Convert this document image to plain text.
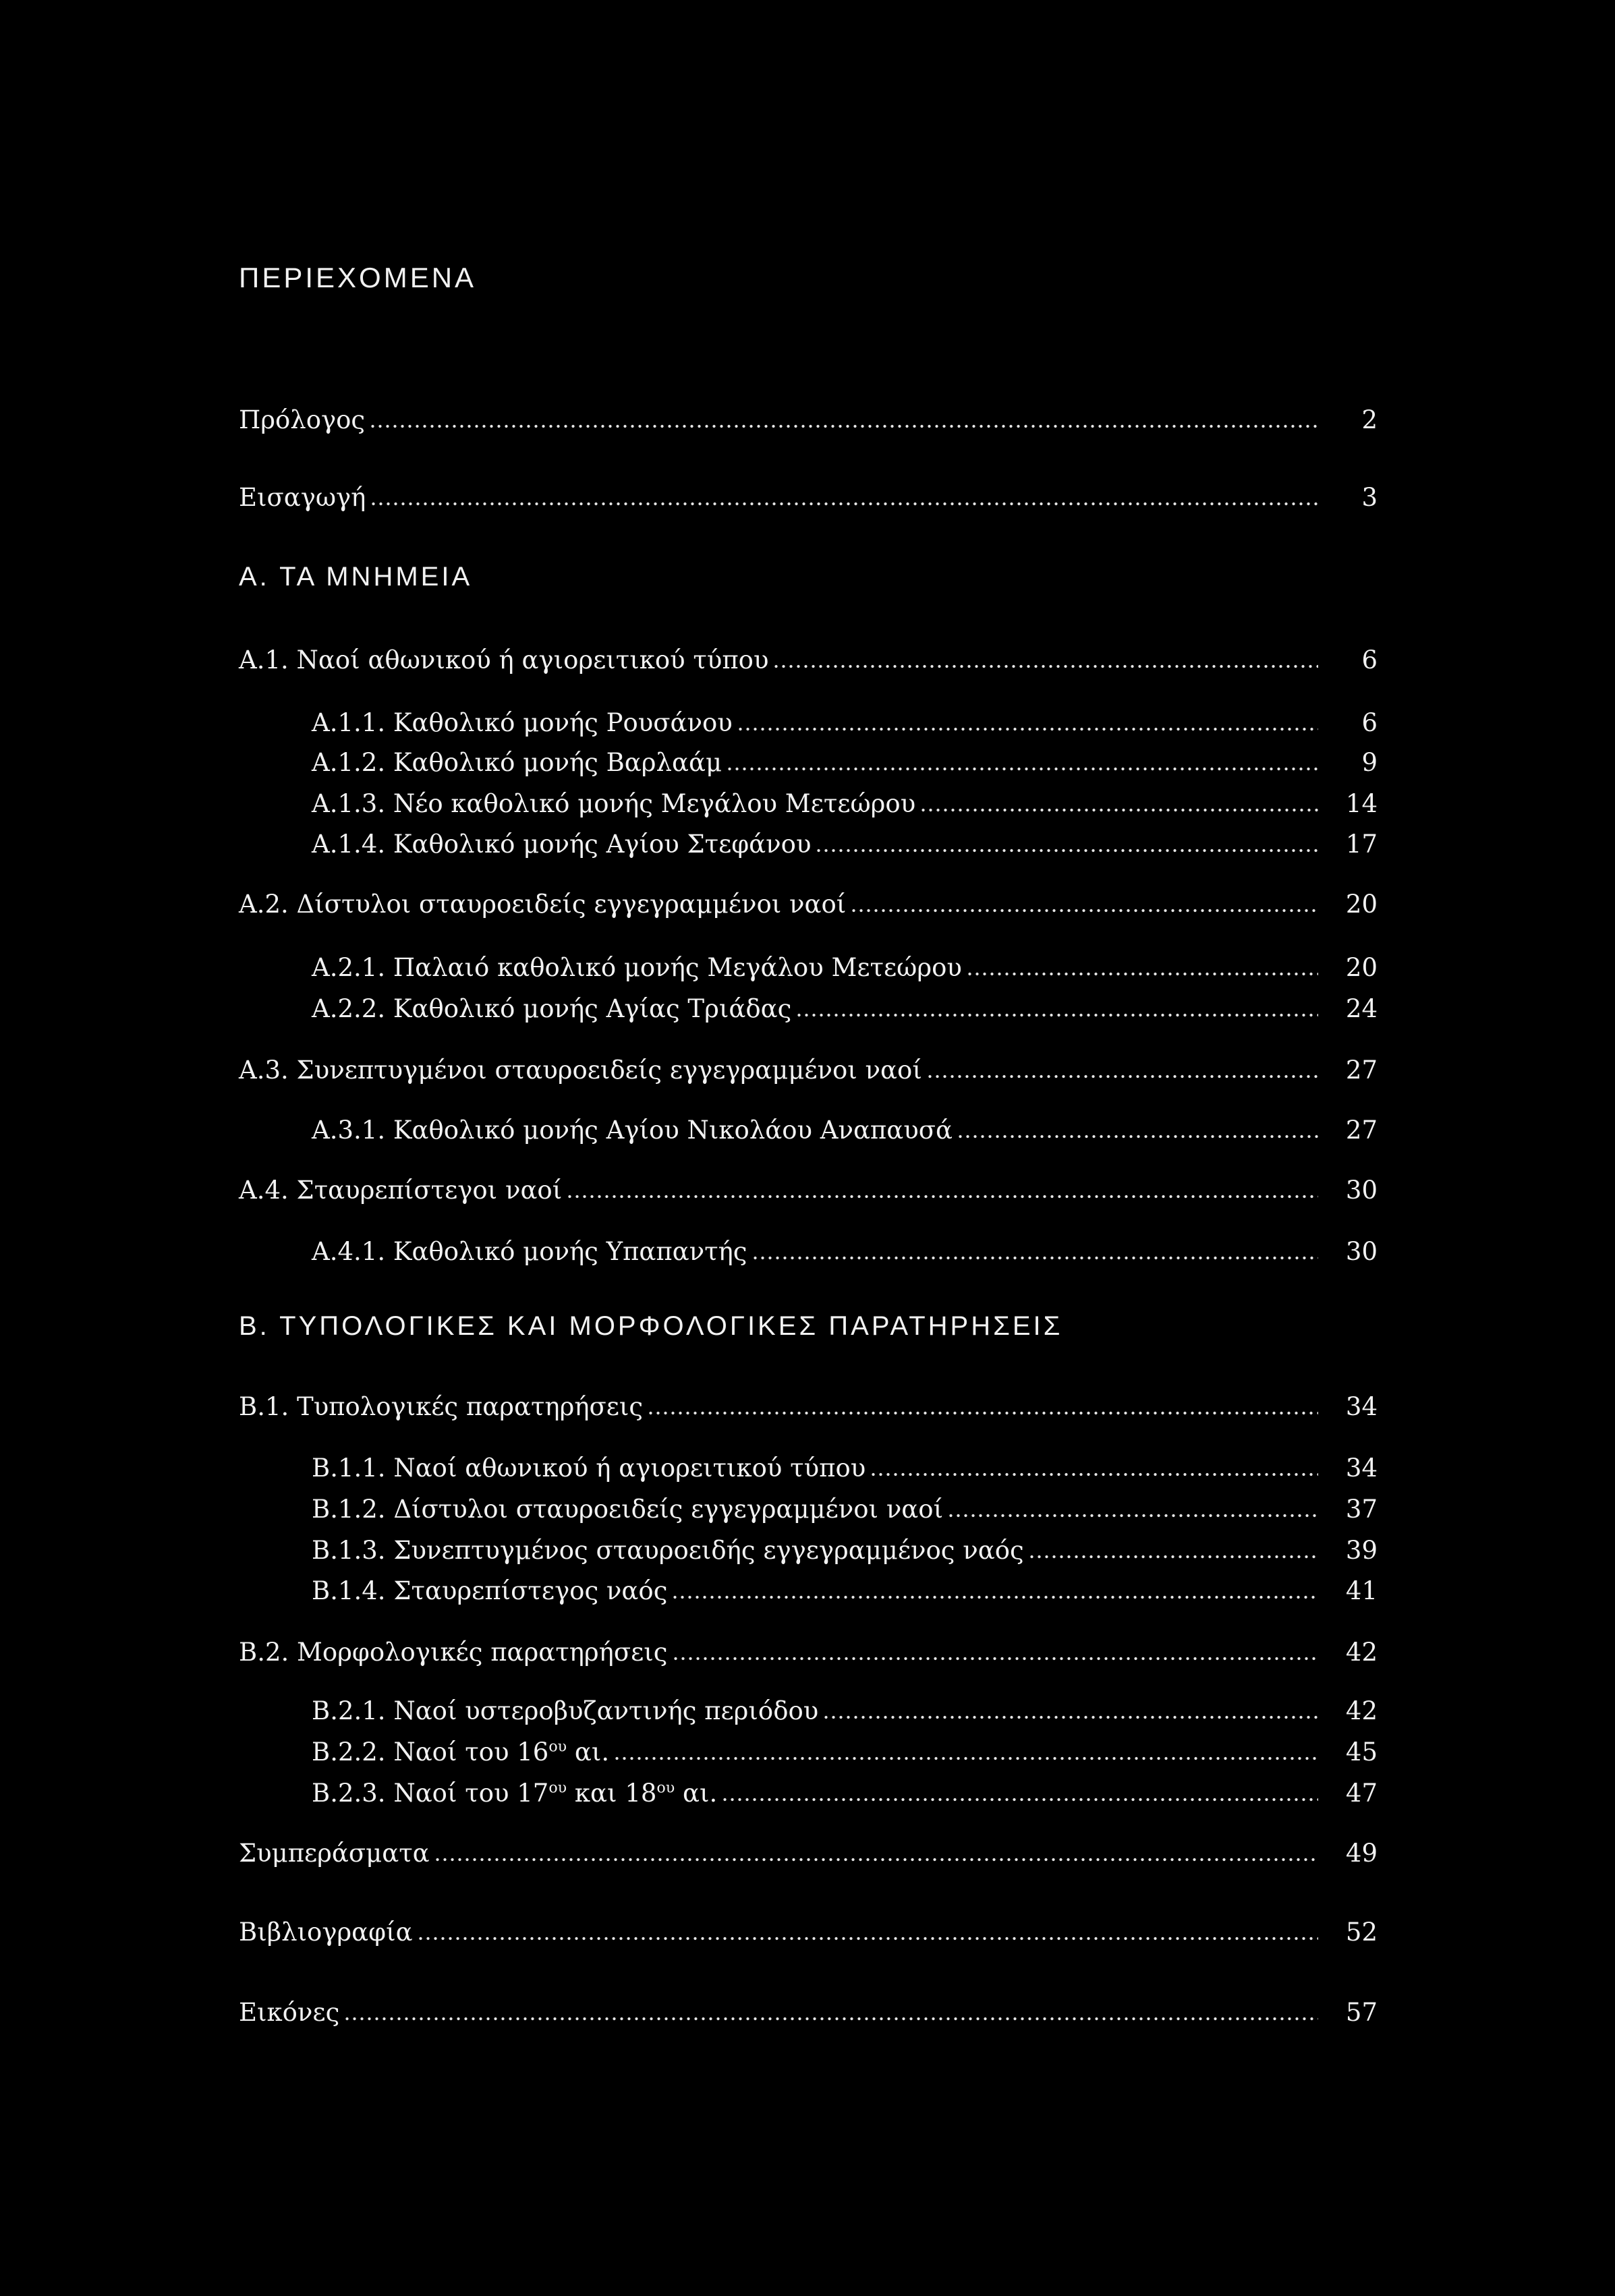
ΠΕΡΙΕΧΟΜΕΝΑ
Πρόλογος	2
Εισαγωγή	3
Α. ΤΑ ΜΝΗΜΕΙΑ
Α.1. Ναοί αθωνικού ή αγιορειτικού τύπου	6
Α.1.1. Καθολικό μονής Ρουσάνου	6
Α.1.2. Καθολικό μονής Βαρλαάμ	9
Α.1.3. Νέο καθολικό μονής Μεγάλου Μετεώρου	14
Α.1.4. Καθολικό μονής Αγίου Στεφάνου	17
Α.2. Δίστυλοι σταυροειδείς εγγεγραμμένοι ναοί	20
Α.2.1. Παλαιό καθολικό μονής Μεγάλου Μετεώρου	20
Α.2.2. Καθολικό μονής Αγίας Τριάδας	24
Α.3. Συνεπτυγμένοι σταυροειδείς εγγεγραμμένοι ναοί	27
Α.3.1. Καθολικό μονής Αγίου Νικολάου Αναπαυσά	27
Α.4. Σταυρεπίστεγοι ναοί	30
Α.4.1. Καθολικό μονής Υπαπαντής	30
Β. ΤΥΠΟΛΟΓΙΚΕΣ ΚΑΙ ΜΟΡΦΟΛΟΓΙΚΕΣ ΠΑΡΑΤΗΡΗΣΕΙΣ
Β.1. Τυπολογικές παρατηρήσεις	34
Β.1.1. Ναοί αθωνικού ή αγιορειτικού τύπου	34
Β.1.2. Δίστυλοι σταυροειδείς εγγεγραμμένοι ναοί	37
Β.1.3. Συνεπτυγμένος σταυροειδής εγγεγραμμένος ναός	39
Β.1.4. Σταυρεπίστεγος ναός	41
Β.2. Μορφολογικές παρατηρήσεις	42
Β.2.1. Ναοί υστεροβυζαντινής περιόδου	42
Β.2.2. Ναοί του $16^{o\upsilon}$ αι.	45
Β.2.3. Ναοί του $17^{o\upsilon}$ και $18^{o\upsilon}$ αι.	47
Συμπεράσματα	49
Βιβλιογραφία	52
Εικόνες	57
